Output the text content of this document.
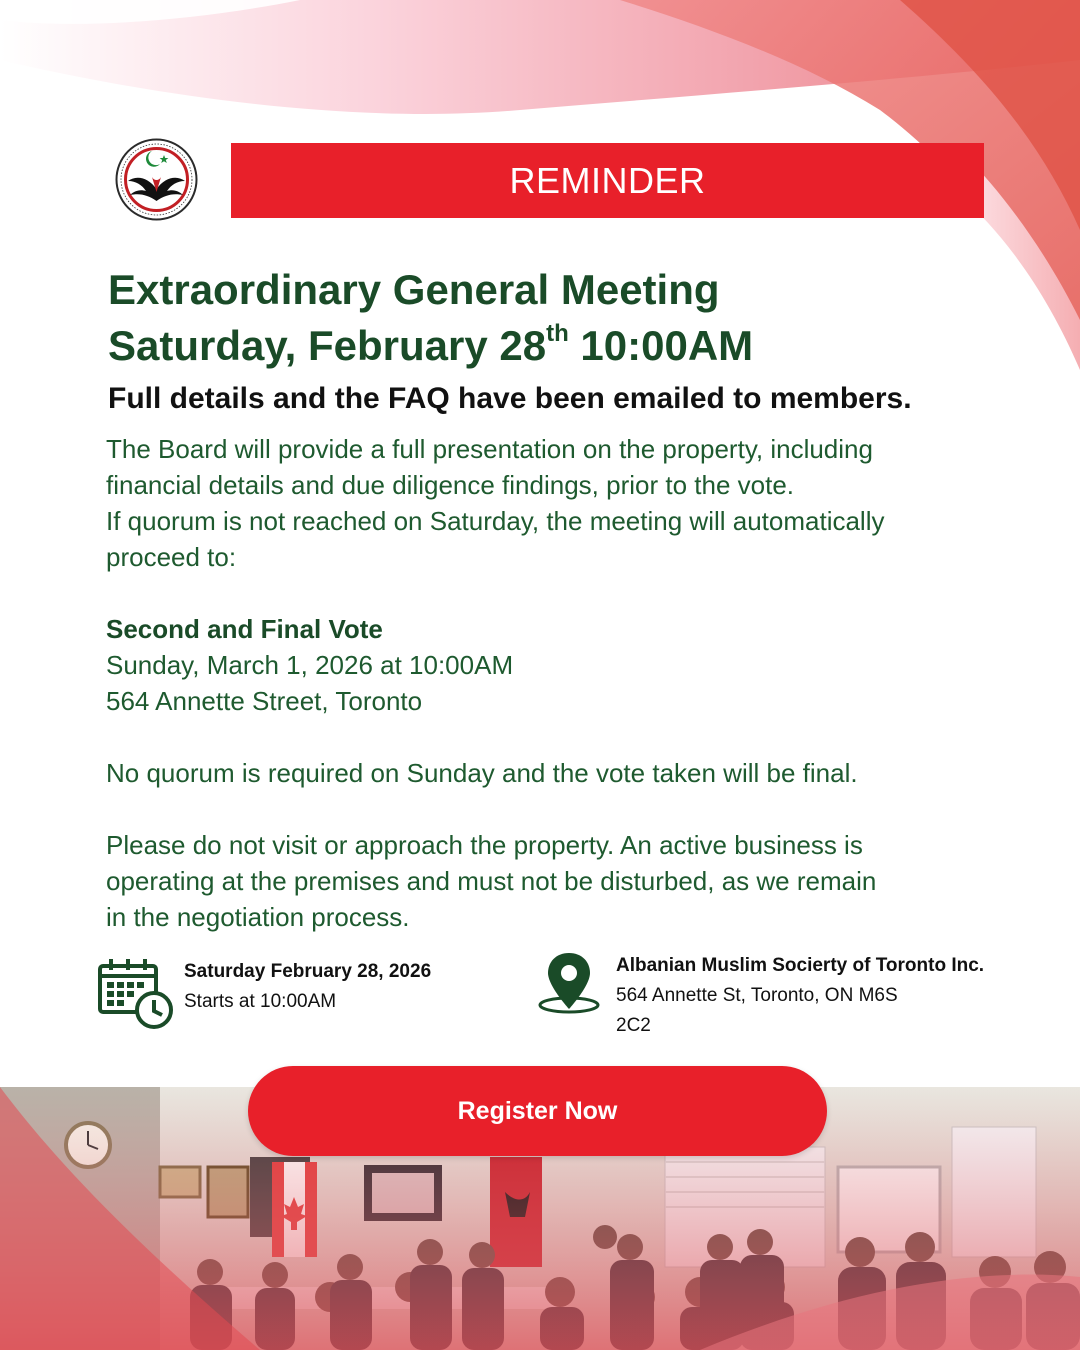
REMINDER
Extraordinary General Meeting
Saturday, February 28th 10:00AM
Full details and the FAQ have been emailed to members.
The Board will provide a full presentation on the property, including
financial details and due diligence findings, prior to the vote.
If quorum is not reached on Saturday, the meeting will automatically
proceed to:
Second and Final Vote
Sunday, March 1, 2026 at 10:00AM
564 Annette Street, Toronto
No quorum is required on Sunday and the vote taken will be final.
Please do not visit or approach the property. An active business is
operating at the premises and must not be disturbed, as we remain
in the negotiation process.
Saturday February 28, 2026
Starts at 10:00AM
Albanian Muslim Socierty of Toronto Inc.
564 Annette St, Toronto, ON M6S
2C2
Register Now
